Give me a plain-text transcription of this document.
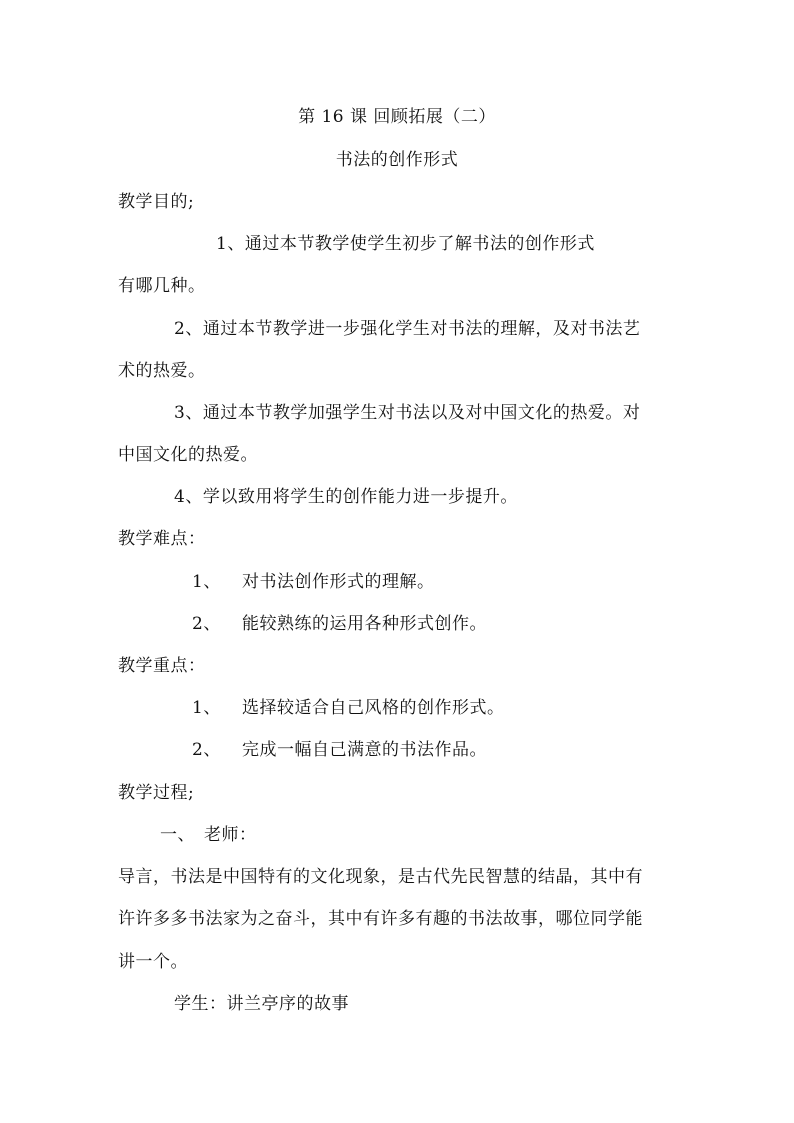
第 16 课 回顾拓展（二）
书法的创作形式
教学目的;
1、通过本节教学使学生初步了解书法的创作形式
有哪几种。
2、通过本节教学进一步强化学生对书法的理解，及对书法艺
术的热爱。
3、通过本节教学加强学生对书法以及对中国文化的热爱。对
中国文化的热爱。
4、学以致用将学生的创作能力进一步提升。
教学难点：
1、 对书法创作形式的理解。
2、 能较熟练的运用各种形式创作。
教学重点：
1、 选择较适合自己风格的创作形式。
2、 完成一幅自己满意的书法作品。
教学过程;
一、 老师：
导言，书法是中国特有的文化现象，是古代先民智慧的结晶，其中有
许许多多书法家为之奋斗，其中有许多有趣的书法故事，哪位同学能
讲一个。
学生：讲兰亭序的故事
